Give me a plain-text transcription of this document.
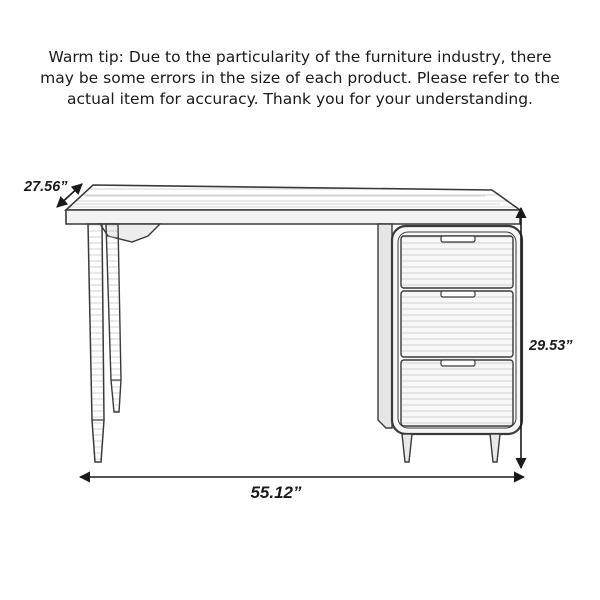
Warm tip: Due to the particularity of the furniture industry, there
may be some errors in the size of each product. Please refer to the
actual item for accuracy. Thank you for your understanding.
27.56”
29.53”
55.12”
